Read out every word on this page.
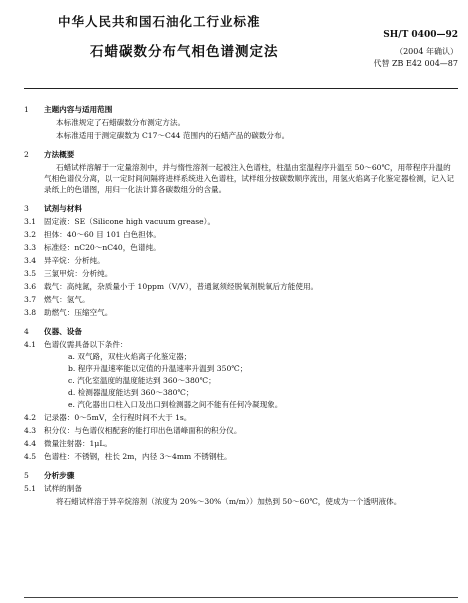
中华人民共和国石油化工行业标准
石蜡碳数分布气相色谱测定法
SH/T 0400—92
（2004 年确认）
代替 ZB E42 004—87
1	主题内容与适用范围
本标准规定了石蜡碳数分布测定方法。
本标准适用于测定碳数为 C17～C44 范围内的石蜡产品的碳数分布。
2	方法概要
石蜡试样溶解于一定量溶剂中，并与惰性溶剂一起被注入色谱柱，柱温由室温程序升温至 50～60℃，用带程序升温的气相色谱仪分离，以一定时间间隔将进样系统进入色谱柱，试样组分按碳数顺序流出，用氢火焰离子化鉴定器检测，记入记录纸上的色谱图，用归一化法计算各碳数组分的含量。
3	试剂与材料
3.1	固定液：SE（Silicone high vacuum grease）。
3.2	担体：40～60 目 101 白色担体。
3.3	标准烃：nC20～nC40，色谱纯。
3.4	异辛烷：分析纯。
3.5	三氯甲烷：分析纯。
3.6	载气：高纯氮，杂质量小于 10ppm（V/V），普通氮须经脱氧剂脱氧后方能使用。
3.7	燃气：氢气。
3.8	助燃气：压缩空气。
4	仪器、设备
4.1	色谱仪需具备以下条件：
a. 双气路，双柱火焰离子化鉴定器；
b. 程序升温速率能以定值的升温速率升温到 350℃；
c. 汽化室温度的温度能达到 360～380℃；
d. 检测器温度能达到 360～380℃；
e. 汽化器出口柱入口及出口到检测器之间不能有任何冷凝现象。
4.2	记录器：0～5mV，全行程时间不大于 1s。
4.3	积分仪：与色谱仪相配套的能打印出色谱峰面积的积分仪。
4.4	微量注射器：1μL。
4.5	色谱柱：不锈钢，柱长 2m，内径 3～4mm 不锈钢柱。
5	分析步骤
5.1	试样的制备
将石蜡试样溶于异辛烷溶剂（浓度为 20%～30%（m/m））加热到 50～60℃，使成为一个透明液体。
